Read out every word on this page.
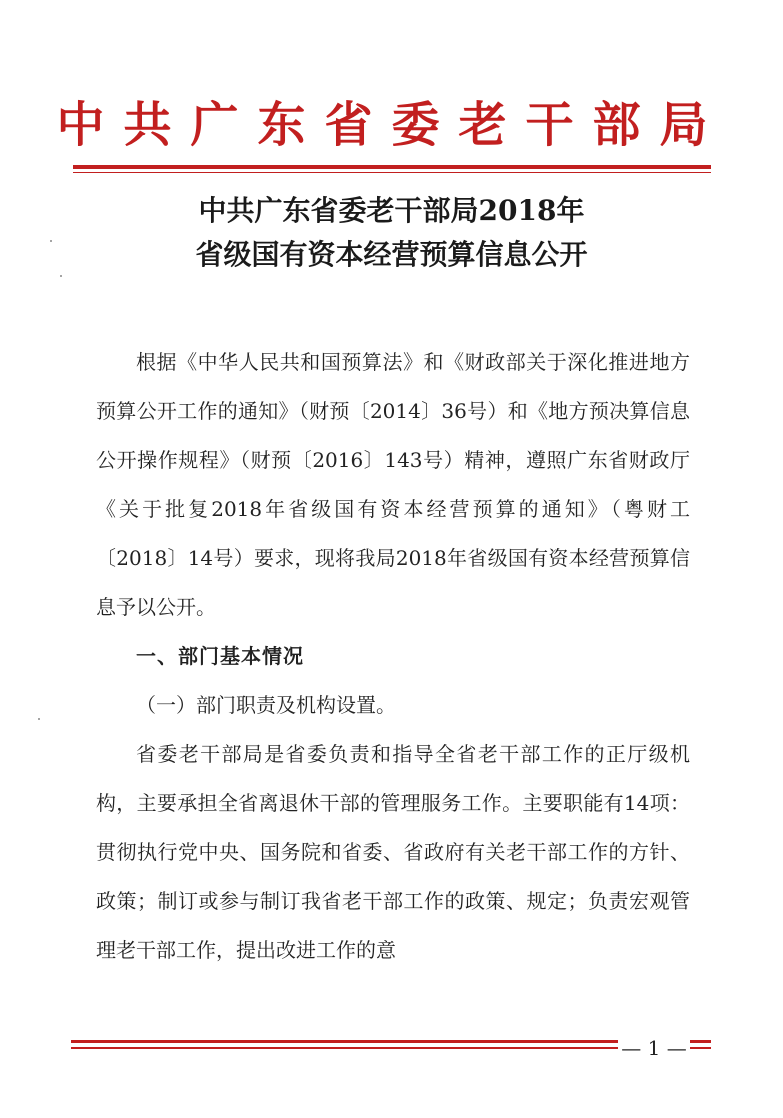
中共广东省委老干部局
中共广东省委老干部局2018年
省级国有资本经营预算信息公开

根据《中华人民共和国预算法》和《财政部关于深化推进地方预算公开工作的通知》（财预〔2014〕36号）和《地方预决算信息公开操作规程》（财预〔2016〕143号）精神，遵照广东省财政厅《关于批复2018年省级国有资本经营预算的通知》（粤财工〔2018〕14号）要求，现将我局2018年省级国有资本经营预算信息予以公开。

一、部门基本情况

（一）部门职责及机构设置。

省委老干部局是省委负责和指导全省老干部工作的正厅级机构，主要承担全省离退休干部的管理服务工作。主要职能有14项：贯彻执行党中央、国务院和省委、省政府有关老干部工作的方针、政策；制订或参与制订我省老干部工作的政策、规定；负责宏观管理老干部工作，提出改进工作的意

— 1 —
